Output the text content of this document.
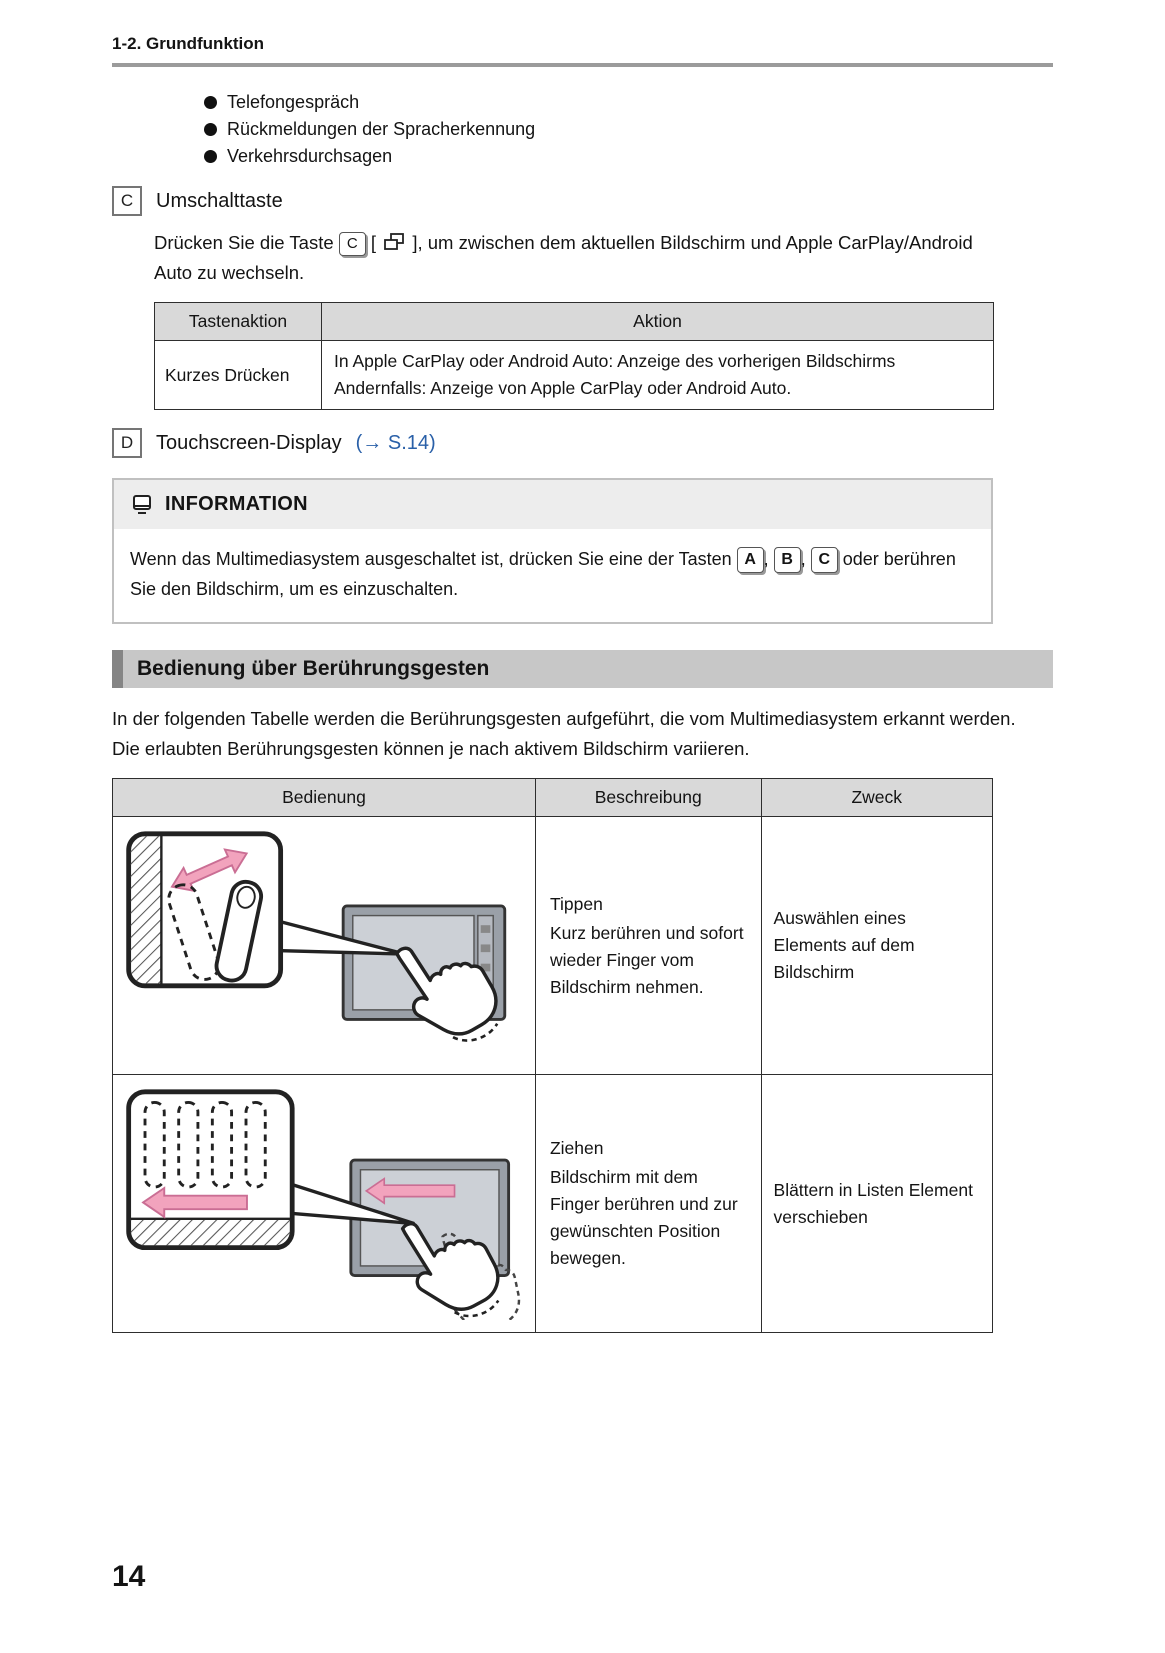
1-2. Grundfunktion
Telefongespräch
Rückmeldungen der Spracherkennung
Verkehrsdurchsagen
C	Umschalttaste

Drücken Sie die Taste C [ ], um zwischen dem aktuellen Bildschirm und Apple CarPlay/Android Auto zu wechseln.

Tastenaktion	Aktion
Kurzes Drücken	In Apple CarPlay oder Android Auto: Anzeige des vorherigen Bildschirms Andernfalls: Anzeige von Apple CarPlay oder Android Auto.
D	Touchscreen-Display (→ S.14)
INFORMATION
Wenn das Multimediasystem ausgeschaltet ist, drücken Sie eine der Tasten A , B , C oder berühren Sie den Bildschirm, um es einzuschalten.
Bedienung über Berührungsgesten

In der folgenden Tabelle werden die Berührungsgesten aufgeführt, die vom Multimediasystem erkannt werden. Die erlaubten Berührungsgesten können je nach aktivem Bildschirm variieren.

Bedienung	Beschreibung	Zweck

Tippen
Kurz berühren und sofort wieder Finger vom Bildschirm nehmen.	Auswählen eines Elements auf dem Bildschirm

Ziehen
Bildschirm mit dem Finger berühren und zur gewünschten Position bewegen.	Blättern in Listen Element verschieben
14
